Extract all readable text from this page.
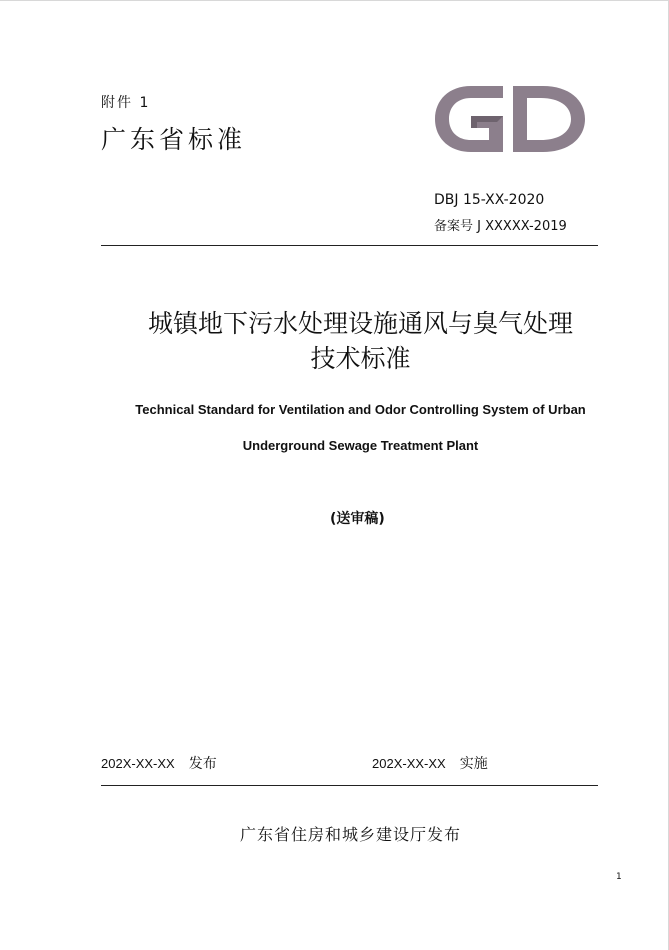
附件 1
广东省标准
DBJ 15-XX-2020
备案号 J XXXXX-2019
城镇地下污水处理设施通风与臭气处理
技术标准
Technical Standard for Ventilation and Odor Controlling System of Urban
Underground Sewage Treatment Plant
(送审稿)
202X-XX-XX 发布	202X-XX-XX 实施
广东省住房和城乡建设厅发布
1
